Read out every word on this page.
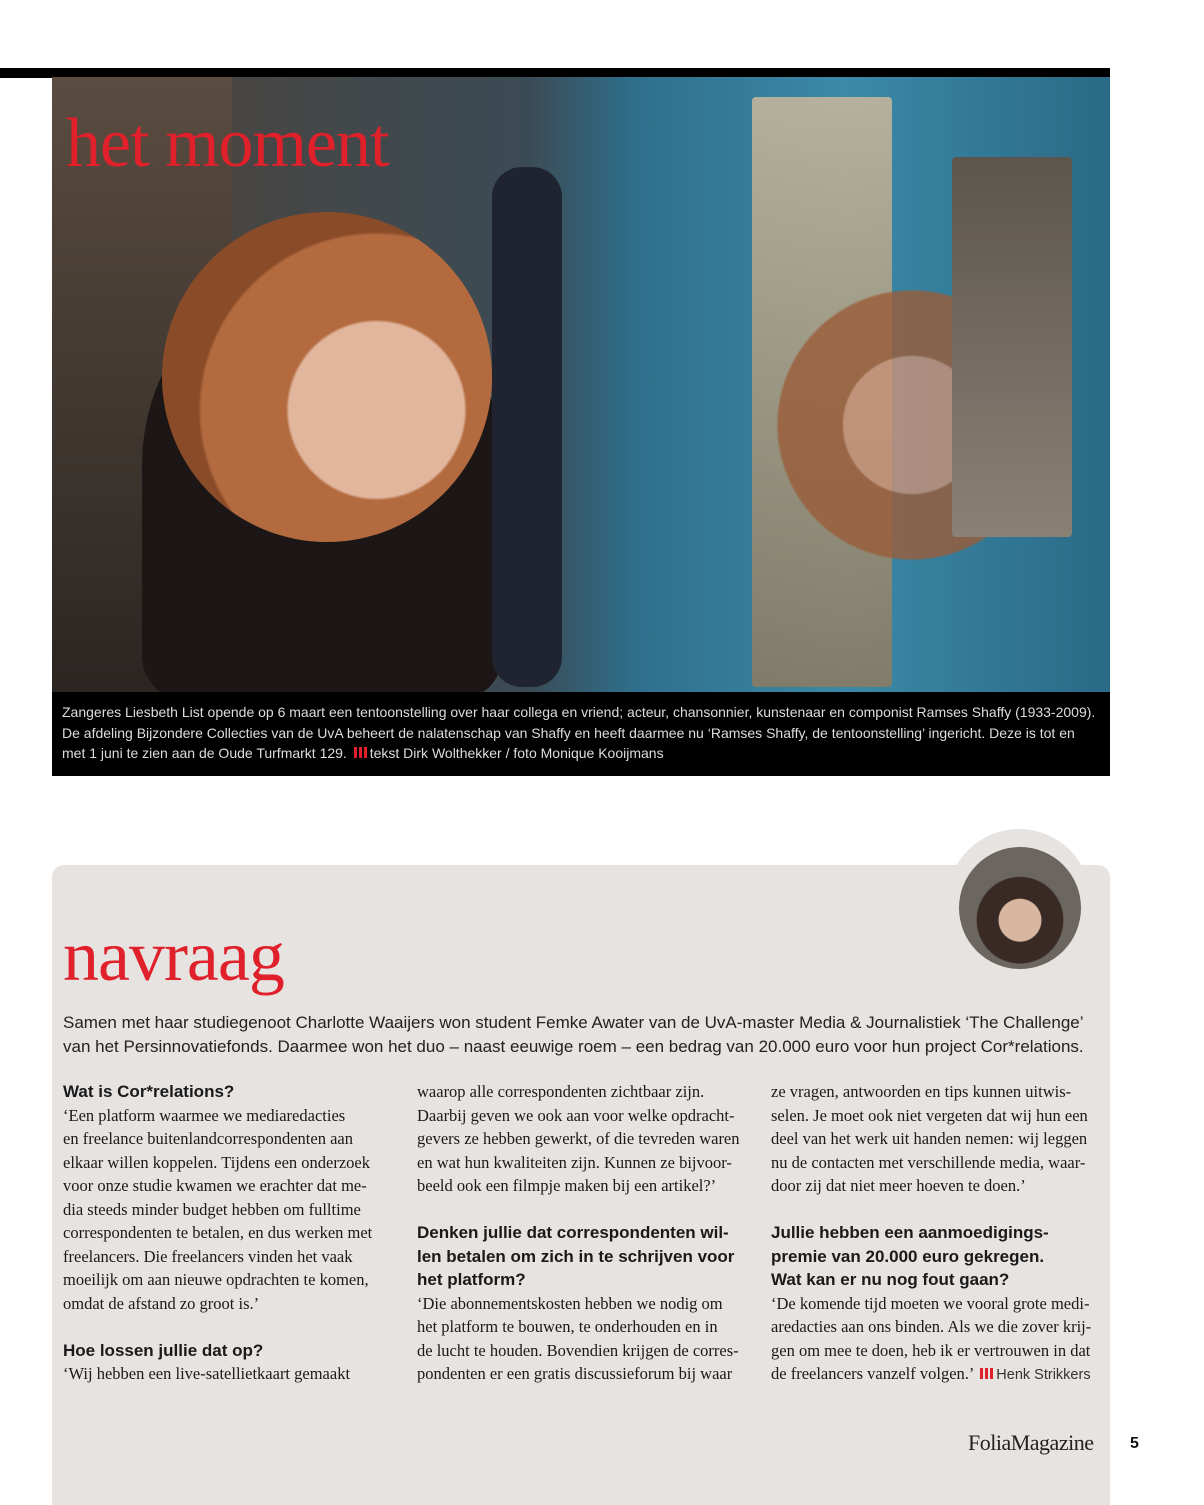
het moment
Zangeres Liesbeth List opende op 6 maart een tentoonstelling over haar collega en vriend; acteur, chansonnier, kunstenaar en componist Ramses Shaffy (1933-2009). De afdeling Bijzondere Collecties van de UvA beheert de nalatenschap van Shaffy en heeft daarmee nu ‘Ramses Shaffy, de tentoonstelling’ ingericht. Deze is tot en met 1 juni te zien aan de Oude Turfmarkt 129. tekst Dirk Wolthekker / foto Monique Kooijmans
navraag
Samen met haar studiegenoot Charlotte Waaijers won student Femke Awater van de UvA-master Media & Journalistiek ‘The Challenge’ van het Persinnovatiefonds. Daarmee won het duo – naast eeuwige roem – een bedrag van 20.000 euro voor hun project Cor*relations.
Wat is Cor*relations?
‘Een platform waarmee we mediaredacties
en freelance buitenlandcorrespondenten aan
elkaar willen koppelen. Tijdens een onderzoek
voor onze studie kwamen we erachter dat me-
dia steeds minder budget hebben om fulltime
correspondenten te betalen, en dus werken met
freelancers. Die freelancers vinden het vaak
moeilijk om aan nieuwe opdrachten te komen,
omdat de afstand zo groot is.’
Hoe lossen jullie dat op?
‘Wij hebben een live-satellietkaart gemaakt
waarop alle correspondenten zichtbaar zijn.
Daarbij geven we ook aan voor welke opdracht-
gevers ze hebben gewerkt, of die tevreden waren
en wat hun kwaliteiten zijn. Kunnen ze bijvoor-
beeld ook een filmpje maken bij een artikel?’
Denken jullie dat correspondenten wil-
len betalen om zich in te schrijven voor
het platform?
‘Die abonnementskosten hebben we nodig om
het platform te bouwen, te onderhouden en in
de lucht te houden. Bovendien krijgen de corres-
pondenten er een gratis discussieforum bij waar
ze vragen, antwoorden en tips kunnen uitwis-
selen. Je moet ook niet vergeten dat wij hun een
deel van het werk uit handen nemen: wij leggen
nu de contacten met verschillende media, waar-
door zij dat niet meer hoeven te doen.’
Jullie hebben een aanmoedigings-
premie van 20.000 euro gekregen.
Wat kan er nu nog fout gaan?
‘De komende tijd moeten we vooral grote medi-
aredacties aan ons binden. Als we die zover krij-
gen om mee te doen, heb ik er vertrouwen in dat
de freelancers vanzelf volgen.’ Henk Strikkers
FoliaMagazine 5
